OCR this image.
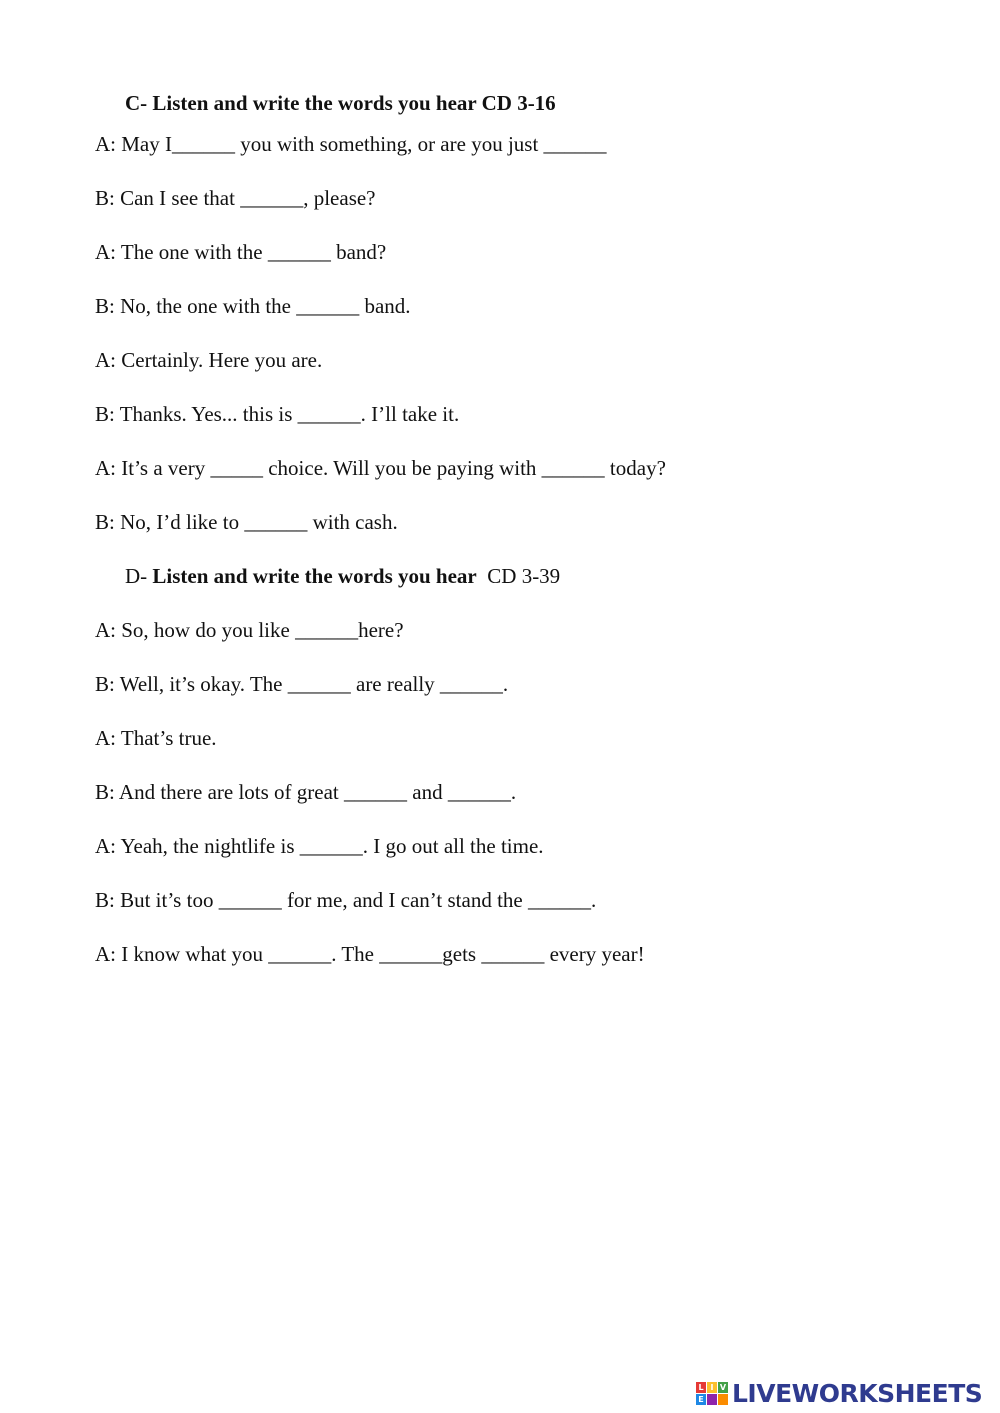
C- Listen and write the words you hear CD 3-16
A: May I______ you with something, or are you just ______
B: Can I see that ______, please?
A: The one with the ______ band?
B: No, the one with the ______ band.
A: Certainly. Here you are.
B: Thanks. Yes... this is ______. I’ll take it.
A: It’s a very _____ choice. Will you be paying with ______ today?
B: No, I’d like to ______ with cash.
D- Listen and write the words you hear  CD 3-39
A: So, how do you like ______here?
B: Well, it’s okay. The ______ are really ______.
A: That’s true.
B: And there are lots of great ______ and ______.
A: Yeah, the nightlife is ______. I go out all the time.
B: But it’s too ______ for me, and I can’t stand the ______.
A: I know what you ______. The ______gets ______ every year!
L I V
E LIVEWORKSHEETS
